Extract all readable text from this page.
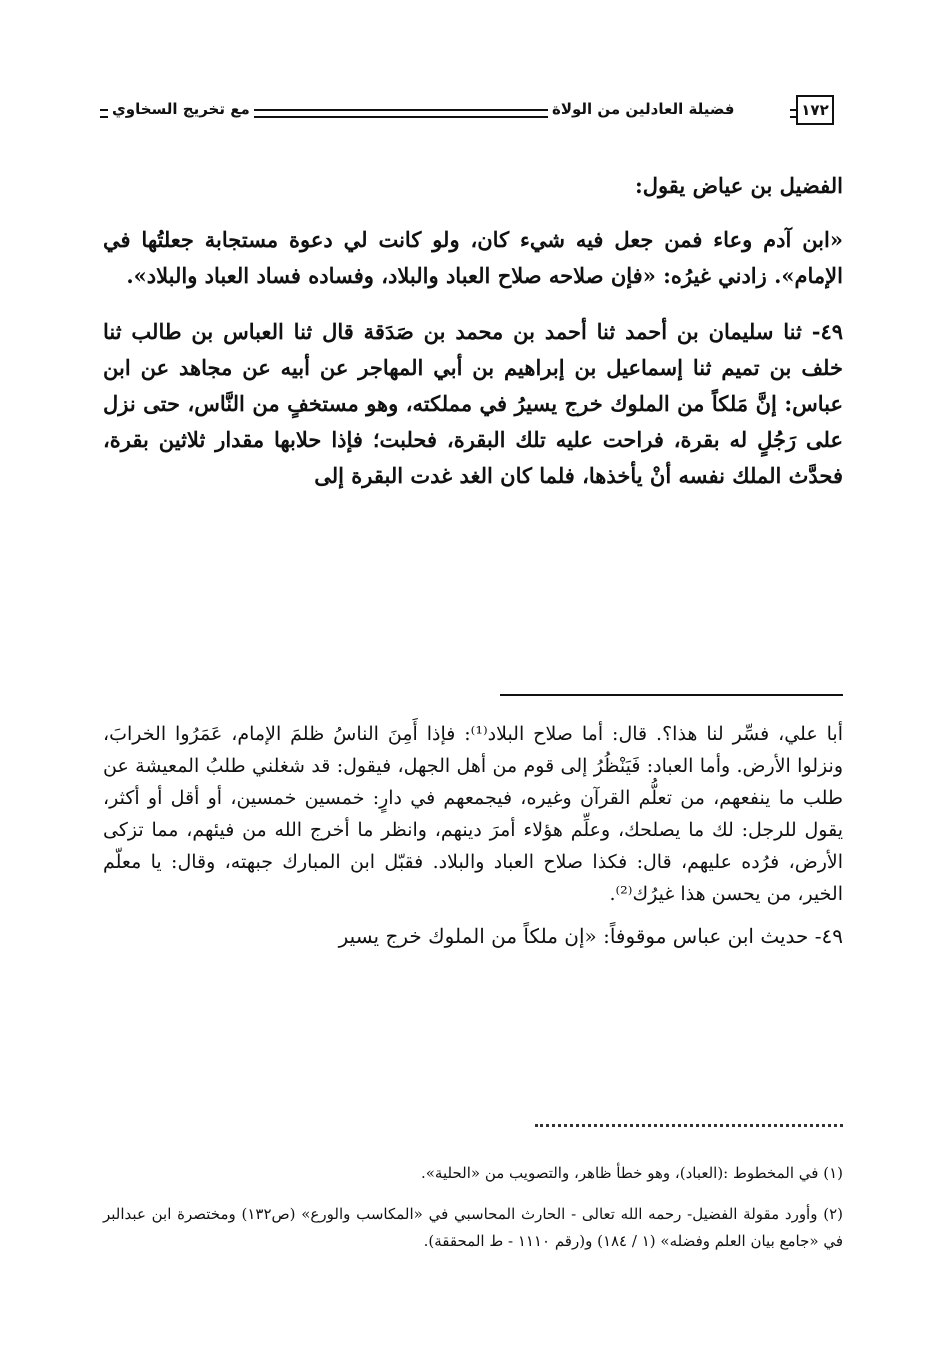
مع تخريج السخاوي	فضيلة العادلين من الولاة	١٧٢

الفضيل بن عياض يقول:

«ابن آدم وعاء فمن جعل فيه شيء كان، ولو كانت لي دعوة مستجابة جعلتُها في الإمام». زادني غيرُه: «فإن صلاحه صلاح العباد والبلاد، وفساده فساد العباد والبلاد».

٤٩- ثنا سليمان بن أحمد ثنا أحمد بن محمد بن صَدَقة قال ثنا العباس بن طالب ثنا خلف بن تميم ثنا إسماعيل بن إبراهيم بن أبي المهاجر عن أبيه عن مجاهد عن ابن عباس: إنَّ مَلكاً من الملوك خرج يسيرُ في مملكته، وهو مستخفٍ من النَّاس، حتى نزل على رَجُلٍ له بقرة، فراحت عليه تلك البقرة، فحلبت؛ فإذا حلابها مقدار ثلاثين بقرة، فحدَّث الملك نفسه أنْ يأخذها، فلما كان الغد غدت البقرة إلى

أبا علي، فسِّر لنا هذا؟. قال: أما صلاح البلاد⁽¹⁾: فإذا أَمِنَ الناسُ ظلمَ الإمام، عَمَرُوا الخرابَ، ونزلوا الأرض. وأما العباد: فَيَنْظُرُ إلى قوم من أهل الجهل، فيقول: قد شغلني طلبُ المعيشة عن طلب ما ينفعهم، من تعلُّم القرآن وغيره، فيجمعهم في دارٍ: خمسين خمسين، أو أقل أو أكثر، يقول للرجل: لك ما يصلحك، وعلِّم هؤلاء أمرَ دينهم، وانظر ما أخرج الله من فيئهم، مما تزكى الأرض، فرُده عليهم، قال: فكذا صلاح العباد والبلاد. فقبّل ابن المبارك جبهته، وقال: يا معلّم الخير، من يحسن هذا غيرُك⁽²⁾.

٤٩- حديث ابن عباس موقوفاً: «إن ملكاً من الملوك خرج يسير

(١) في المخطوط :(العباد)، وهو خطأ ظاهر، والتصويب من «الحلية».

(٢) وأورد مقولة الفضيل- رحمه الله تعالى - الحارث المحاسبي في «المكاسب والورع» (ص١٣٢) ومختصرة ابن عبدالبر في «جامع بيان العلم وفضله» (١ / ١٨٤) و(رقم ١١١٠ - ط المحققة).
